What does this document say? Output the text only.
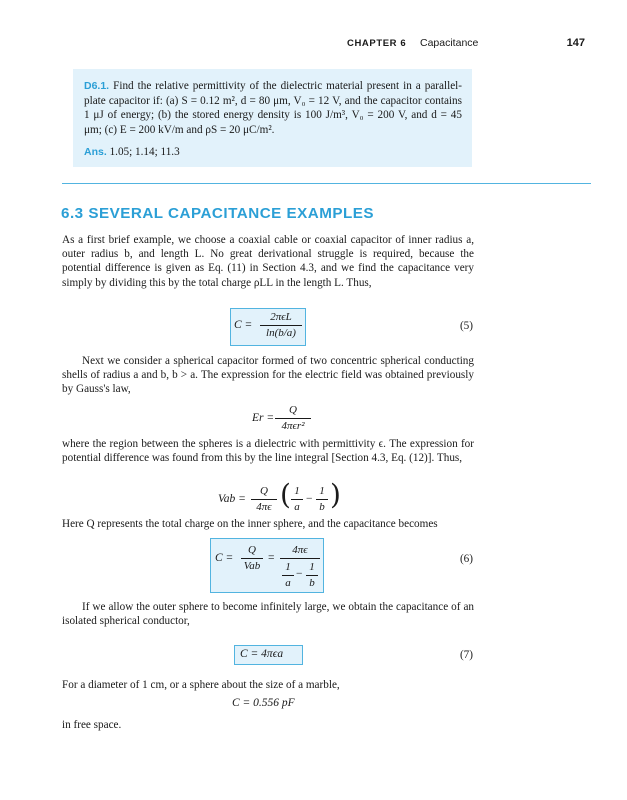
CHAPTER 6 Capacitance	147

D6.1. Find the relative permittivity of the dielectric material present in a parallel-plate capacitor if: (a) S = 0.12 m², d = 80 μm, V₀ = 12 V, and the capacitor contains 1 μJ of energy; (b) the stored energy density is 100 J/m³, V₀ = 200 V, and d = 45 μm; (c) E = 200 kV/m and ρS = 20 μC/m².

Ans. 1.05; 1.14; 11.3

6.3 SEVERAL CAPACITANCE EXAMPLES

As a first brief example, we choose a coaxial cable or coaxial capacitor of inner radius a, outer radius b, and length L. No great derivational struggle is required, because the potential difference is given as Eq. (11) in Section 4.3, and we find the capacitance very simply by dividing this by the total charge ρLL in the length L. Thus,

C =
2πϵL
ln(b/a)
(5)

Next we consider a spherical capacitor formed of two concentric spherical conducting shells of radius a and b, b > a. The expression for the electric field was obtained previously by Gauss's law,

Er =
Q
4πϵr²

where the region between the spheres is a dielectric with permittivity ϵ. The expression for potential difference was found from this by the line integral [Section 4.3, Eq. (12)]. Thus,

Vab =
Q
4πϵ ( 1
a
−
1
b )

Here Q represents the total charge on the inner sphere, and the capacitance becomes

C =
Q
Vab
=
4πϵ
1
a
−
1
b
(6)

If we allow the outer sphere to become infinitely large, we obtain the capacitance of an isolated spherical conductor,

C = 4πϵa	(7)

For a diameter of 1 cm, or a sphere about the size of a marble,

C = 0.556 pF

in free space.
